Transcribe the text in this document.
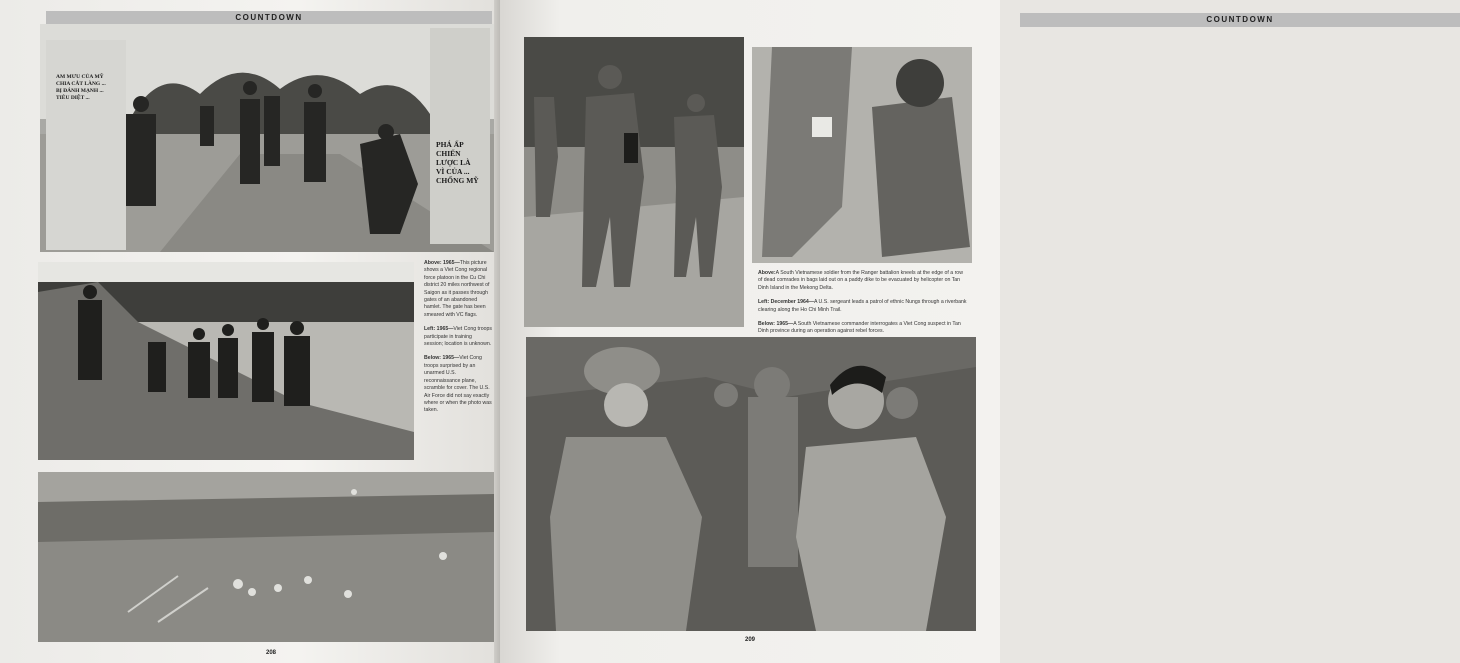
COUNTDOWN
AM MƯU CỦA MỸ CHIA CẮT LÀNG ... BỊ ĐÁNH MẠNH ... TIÊU DIỆT ...
PHÁ ẤP CHIẾN LƯỢC LÀ VÌ CỦA ... CHỐNG MỸ

Above: 1965—This picture shows a Viet Cong regional force platoon in the Cu Chi district 20 miles northwest of Saigon as it passes through gates of an abandoned hamlet. The gate has been smeared with VC flags.

Left: 1965—Viet Cong troops participate in training session; location is unknown.

Below: 1965—Viet Cong troops surprised by an unarmed U.S. reconnaissance plane, scramble for cover. The U.S. Air Force did not say exactly where or when the photo was taken.

208
COUNTDOWN

Above:A South Vietnamese soldier from the Ranger battalion kneels at the edge of a row of dead comrades in bags laid out on a paddy dike to be evacuated by helicopter on Tan Dinh Island in the Mekong Delta.

Left: December 1964—A U.S. sergeant leads a patrol of ethnic Nungs through a riverbank clearing along the Ho Chi Minh Trail.

Below: 1965—A South Vietnamese commander interrogates a Viet Cong suspect in Tan Dinh province during an operation against rebel forces.

209
